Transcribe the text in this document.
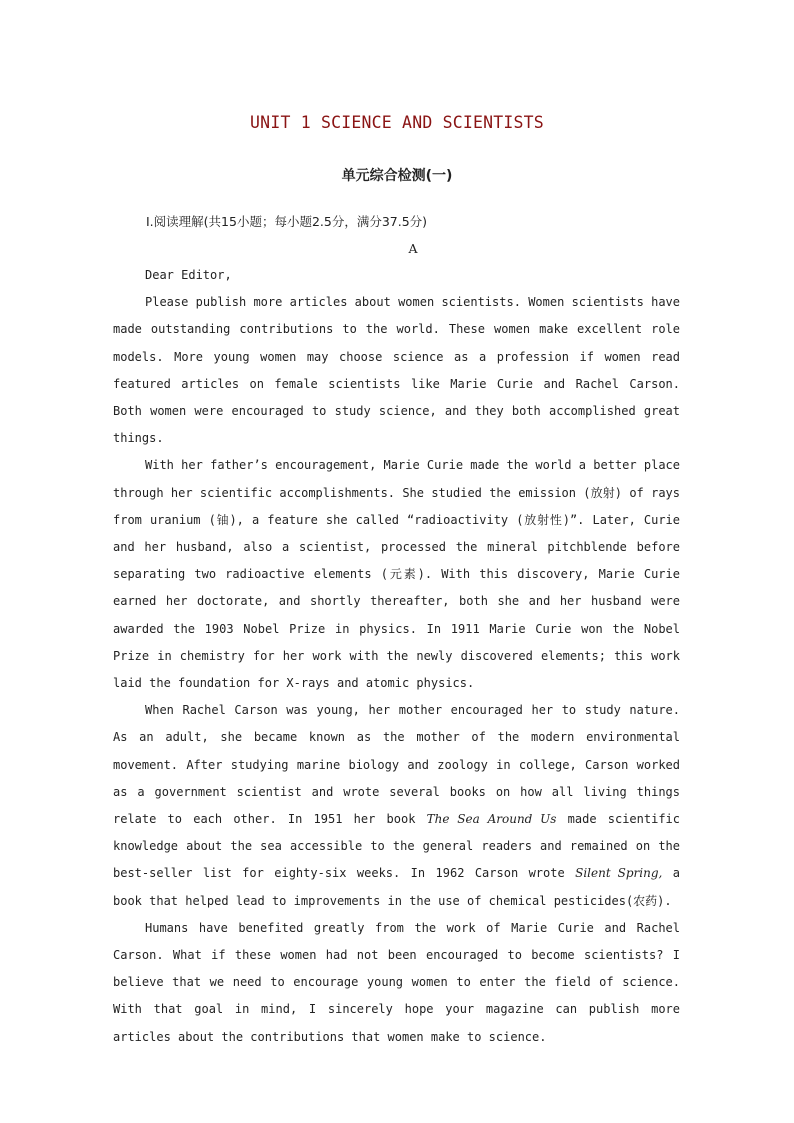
UNIT 1 SCIENCE AND SCIENTISTS
单元综合检测(一)
Ⅰ.阅读理解(共15小题；每小题2.5分，满分37.5分)
A

Dear Editor,

Please publish more articles about women scientists. Women scientists have made outstanding contributions to the world. These women make excellent role models. More young women may choose science as a profession if women read featured articles on female scientists like Marie Curie and Rachel Carson. Both women were encouraged to study science, and they both accomplished great things.

With her father’s encouragement, Marie Curie made the world a better place through her scientific accomplishments. She studied the emission (放射) of rays from uranium (铀), a feature she called “radioactivity (放射性)”. Later, Curie and her husband, also a scientist, processed the mineral pitchblende before separating two radioactive elements (元素). With this discovery, Marie Curie earned her doctorate, and shortly thereafter, both she and her husband were awarded the 1903 Nobel Prize in physics. In 1911 Marie Curie won the Nobel Prize in chemistry for her work with the newly discovered elements; this work laid the foundation for X-rays and atomic physics.

When Rachel Carson was young, her mother encouraged her to study nature. As an adult, she became known as the mother of the modern environmental movement. After studying marine biology and zoology in college, Carson worked as a government scientist and wrote several books on how all living things relate to each other. In 1951 her book The Sea Around Us made scientific knowledge about the sea accessible to the general readers and remained on the best-seller list for eighty-six weeks. In 1962 Carson wrote Silent Spring, a book that helped lead to improvements in the use of chemical pesticides(农药).

Humans have benefited greatly from the work of Marie Curie and Rachel Carson. What if these women had not been encouraged to become scientists? I believe that we need to encourage young women to enter the field of science. With that goal in mind, I sincerely hope your magazine can publish more articles about the contributions that women make to science.
